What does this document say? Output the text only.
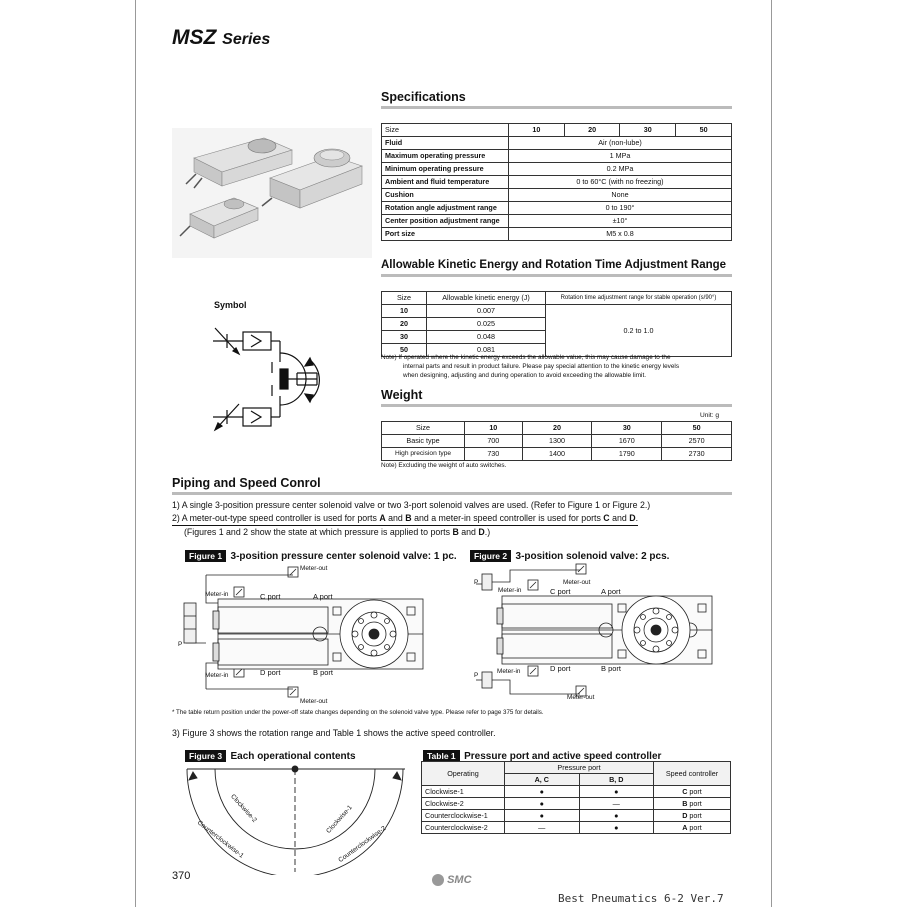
MSZ Series
Specifications
Size	10	20	30	50
Fluid	Air (non-lube)			
Maximum operating pressure	1 MPa			
Minimum operating pressure	0.2 MPa			
Ambient and fluid temperature	0 to 60°C (with no freezing)			
Cushion	None			
Rotation angle adjustment range	0 to 190°			
Center position adjustment range	±10°			
Port size	M5 x 0.8			
Allowable Kinetic Energy and Rotation Time Adjustment Range
Size	Allowable kinetic energy (J)	Rotation time adjustment range for stable operation (s/90°)
10	0.007	0.2 to 1.0
20	0.025	
30	0.048	
50	0.081	
Note) If operated where the kinetic energy exceeds the allowable value, this may cause damage to the
internal parts and result in product failure. Please pay special attention to the kinetic energy levels
when designing, adjusting and during operation to avoid exceeding the allowable limit.
Symbol
Weight
Unit: g
Size	10	20	30	50
Basic type	700	1300	1670	2570
High precision type	730	1400	1790	2730
Note) Excluding the weight of auto switches.
Piping and Speed Conrol
1) A single 3-position pressure center solenoid valve or two 3-port solenoid valves are used. (Refer to Figure 1 or Figure 2.)
2) A meter-out-type speed controller is used for ports A and B and a meter-in speed controller is used for ports C and D.
(Figures 1 and 2 show the state at which pressure is applied to ports B and D.)
Figure 1 3-position pressure center solenoid valve: 1 pc.	Figure 2 3-position solenoid valve: 2 pcs.
Meter-out
Meter-in	C port	A port
P
Meter-in	D port	B port
Meter-out
Meter-out
Meter-in	C port	A port
P
Meter-in	D port	B port
P
Meter-out
* The table return position under the power-off state changes depending on the solenoid valve type. Please refer to page 375 for details.
3) Figure 3 shows the rotation range and Table 1 shows the active speed controller.
Figure 3 Each operational contents
Clockwise-2	Clockwise-1
Counterclockwise-1	Counterclockwise-2
Table 1 Pressure port and active speed controller
Operating	Pressure port		Speed controller
	A, C	B, D	
Clockwise-1	●	●	C port
Clockwise-2	●	—	B port
Counterclockwise-1	●	●	D port
Counterclockwise-2	—	●	A port
370	SMC
Best Pneumatics 6-2 Ver.7
